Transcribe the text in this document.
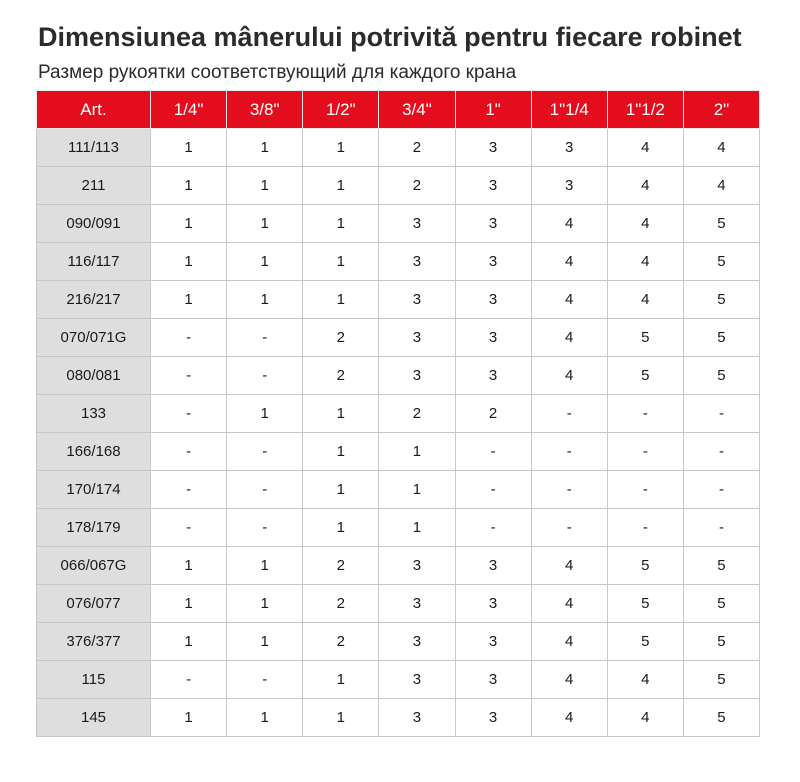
Dimensiunea mânerului potrivită pentru fiecare robinet
Размер рукоятки соответствующий для каждого крана
Art.	1/4"	3/8"	1/2"	3/4"	1"	1"1/4	1"1/2	2"
111/113	1	1	1	2	3	3	4	4
211	1	1	1	2	3	3	4	4
090/091	1	1	1	3	3	4	4	5
116/117	1	1	1	3	3	4	4	5
216/217	1	1	1	3	3	4	4	5
070/071G	-	-	2	3	3	4	5	5
080/081	-	-	2	3	3	4	5	5
133	-	1	1	2	2	-	-	-
166/168	-	-	1	1	-	-	-	-
170/174	-	-	1	1	-	-	-	-
178/179	-	-	1	1	-	-	-	-
066/067G	1	1	2	3	3	4	5	5
076/077	1	1	2	3	3	4	5	5
376/377	1	1	2	3	3	4	5	5
115	-	-	1	3	3	4	4	5
145	1	1	1	3	3	4	4	5
